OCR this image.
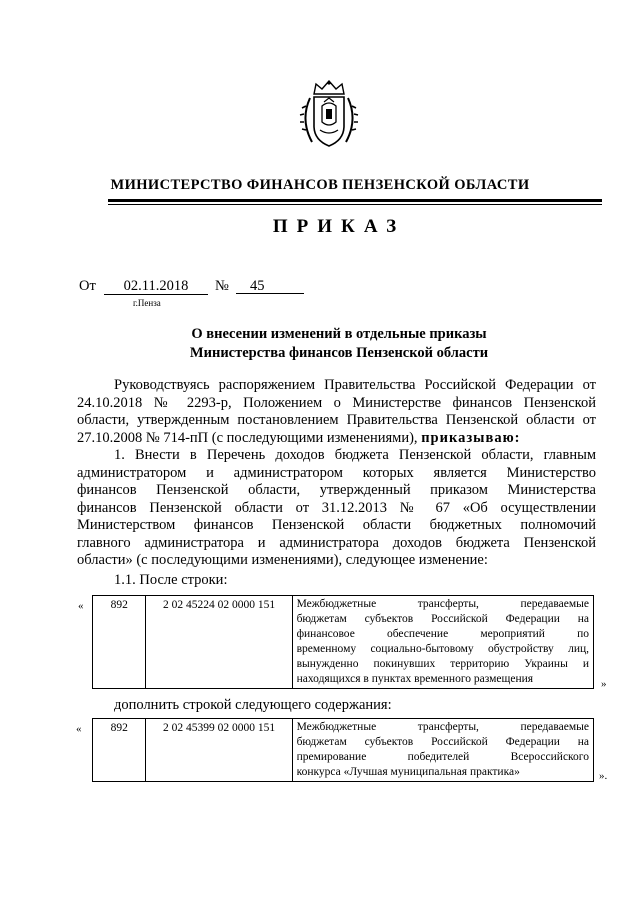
МИНИСТЕРСТВО ФИНАНСОВ ПЕНЗЕНСКОЙ ОБЛАСТИ
ПРИКАЗ
От	02.11.2018	№	45
г.Пенза
О внесении изменений в отдельные приказы
Министерства финансов Пензенской области
Руководствуясь распоряжением Правительства Российской Федерации от
24.10.2018 № 2293-р, Положением о Министерстве финансов Пензенской
области, утвержденным постановлением Правительства Пензенской области от
27.10.2008 № 714-пП (с последующими изменениями), приказываю:
1. Внести в Перечень доходов бюджета Пензенской области, главным
администратором и администратором которых является Министерство
финансов Пензенской области, утвержденный приказом Министерства
финансов Пензенской области от 31.12.2013 № 67 «Об осуществлении
Министерством финансов Пензенской области бюджетных полномочий
главного администратора и администратора доходов бюджета Пензенской
области» (с последующими изменениями), следующее изменение:
1.1. После строки:
« 892	2 02 45224 02 0000 151	Межбюджетные трансферты, передаваемые
бюджетам субъектов Российской Федерации на
финансовое обеспечение мероприятий по
временному социально-бытовому обустройству лиц,
вынужденно покинувших территорию Украины и
находящихся в пунктах временного размещения	»
дополнить строкой следующего содержания:
«	892	2 02 45399 02 0000 151	Межбюджетные трансферты, передаваемые
бюджетам субъектов Российской Федерации на
премирование победителей Всероссийского
конкурса «Лучшая муниципальная практика»	».
